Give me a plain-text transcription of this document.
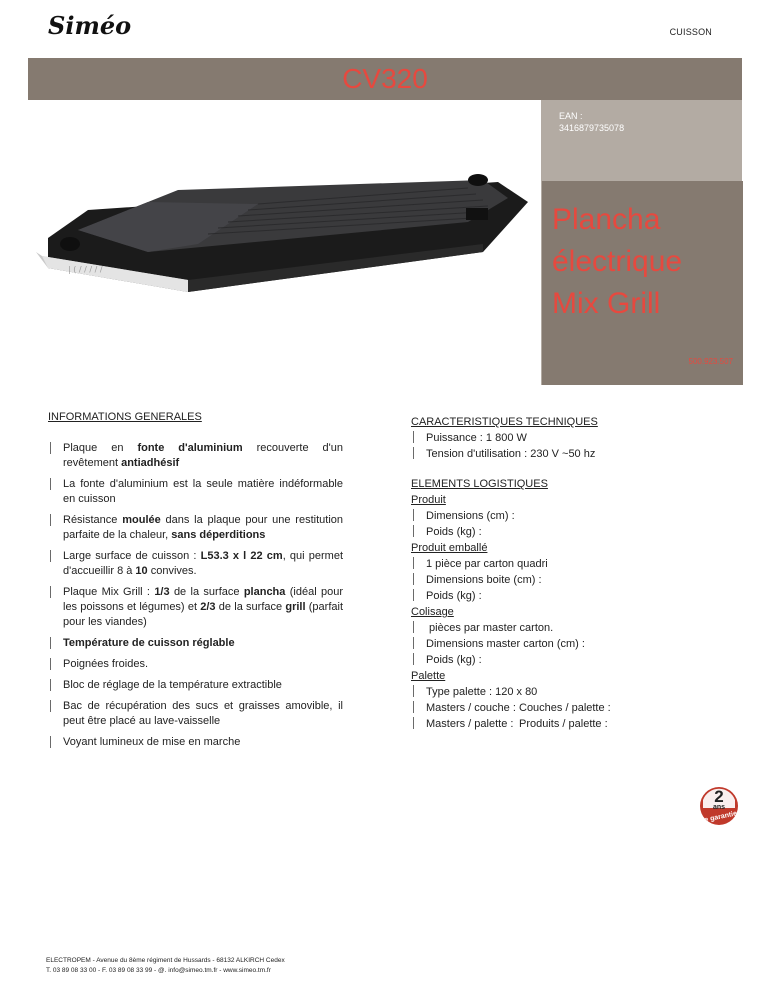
Siméo	CUISSON
CV320
EAN :
3416879735078
Plancha
électrique
Mix Grill
500.923.507
| ( / / / / /
INFORMATIONS GENERALES
Plaque en fonte d'aluminium recouverte d'un revêtement antiadhésif
La fonte d'aluminium est la seule matière indéformable en cuisson
Résistance moulée dans la plaque pour une restitution parfaite de la chaleur, sans déperditions
Large surface de cuisson : L53.3 x l 22 cm, qui permet d'accueillir 8 à 10 convives.
Plaque Mix Grill : 1/3 de la surface plancha (idéal pour les poissons et légumes) et 2/3 de la surface grill (parfait pour les viandes)
Température de cuisson réglable
Poignées froides.
Bloc de réglage de la température extractible
Bac de récupération des sucs et graisses amovible, il peut être placé au lave-vaisselle
Voyant lumineux de mise en marche
CARACTERISTIQUES TECHNIQUES
Puissance : 1 800 W
Tension d'utilisation : 230 V ~50 hz
ELEMENTS LOGISTIQUES
Produit
Dimensions (cm) :
Poids (kg) :
Produit emballé
1 pièce par carton quadri
Dimensions boite (cm) :
Poids (kg) :
Colisage
pièces par master carton.
Dimensions master carton (cm) :
Poids (kg) :
Palette
Type palette : 120 x 80
Masters / couche : Couches / palette :
Masters / palette : Produits / palette :
2
ans
de garantie
ELECTROPEM - Avenue du 8ème régiment de Hussards - 68132 ALKIRCH Cedex
T. 03 89 08 33 00 - F. 03 89 08 33 99 - @. info@simeo.tm.fr - www.simeo.tm.fr
